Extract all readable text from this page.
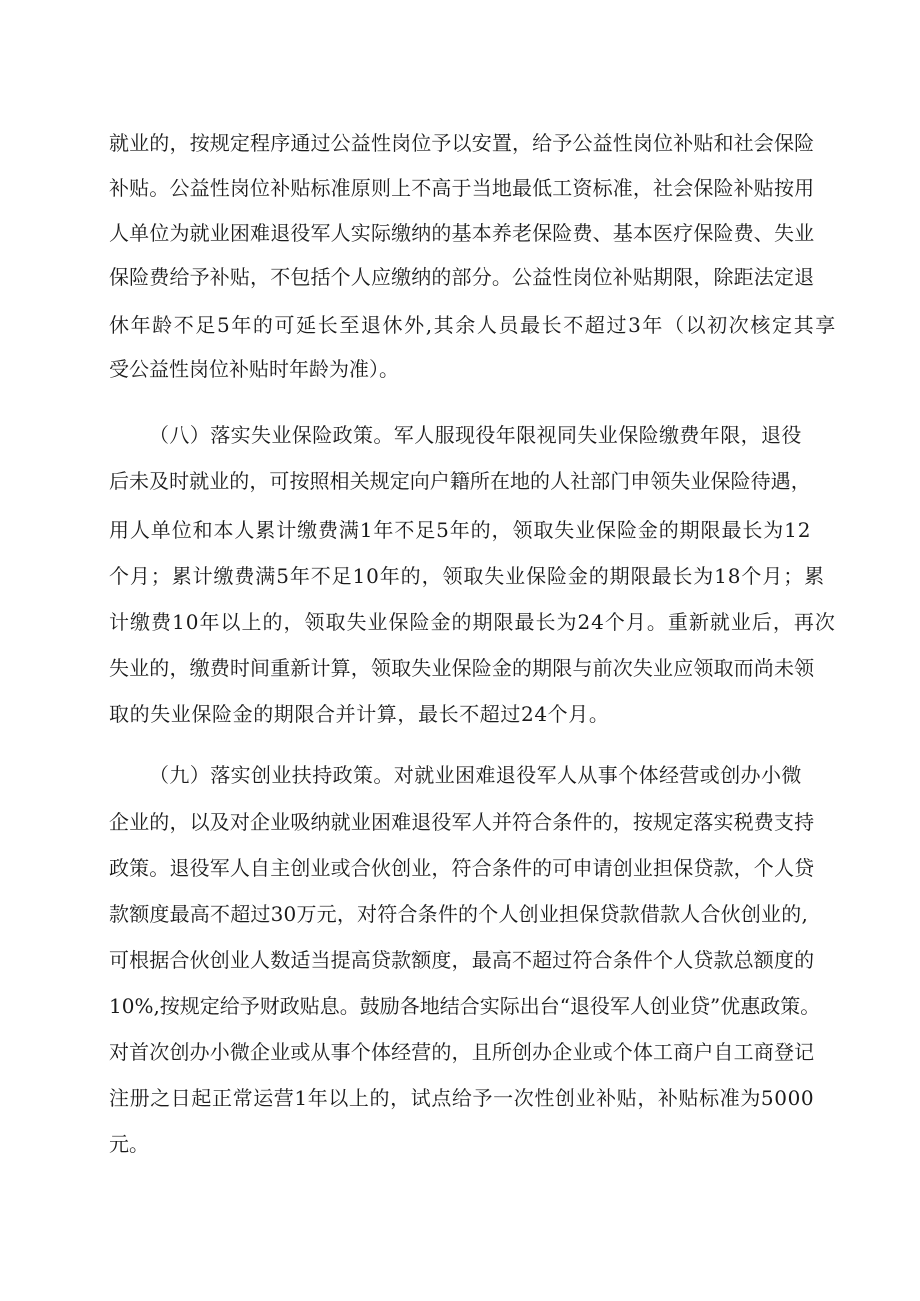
就业的，按规定程序通过公益性岗位予以安置，给予公益性岗位补贴和社会保险
补贴。公益性岗位补贴标准原则上不高于当地最低工资标准，社会保险补贴按用
人单位为就业困难退役军人实际缴纳的基本养老保险费、基本医疗保险费、失业
保险费给予补贴，不包括个人应缴纳的部分。公益性岗位补贴期限，除距法定退
休年龄不足5年的可延长至退休外,其余人员最长不超过3年（以初次核定其享
受公益性岗位补贴时年龄为准）。
（八）落实失业保险政策。军人服现役年限视同失业保险缴费年限，退役
后未及时就业的，可按照相关规定向户籍所在地的人社部门申领失业保险待遇，
用人单位和本人累计缴费满1年不足5年的，领取失业保险金的期限最长为12
个月；累计缴费满5年不足10年的，领取失业保险金的期限最长为18个月；累
计缴费10年以上的，领取失业保险金的期限最长为24个月。重新就业后，再次
失业的，缴费时间重新计算，领取失业保险金的期限与前次失业应领取而尚未领
取的失业保险金的期限合并计算，最长不超过24个月。
（九）落实创业扶持政策。对就业困难退役军人从事个体经营或创办小微
企业的，以及对企业吸纳就业困难退役军人并符合条件的，按规定落实税费支持
政策。退役军人自主创业或合伙创业，符合条件的可申请创业担保贷款，个人贷
款额度最高不超过30万元，对符合条件的个人创业担保贷款借款人合伙创业的,
可根据合伙创业人数适当提高贷款额度，最高不超过符合条件个人贷款总额度的
10%,按规定给予财政贴息。鼓励各地结合实际出台“退役军人创业贷”优惠政策。
对首次创办小微企业或从事个体经营的，且所创办企业或个体工商户自工商登记
注册之日起正常运营1年以上的，试点给予一次性创业补贴，补贴标准为5000
元。
